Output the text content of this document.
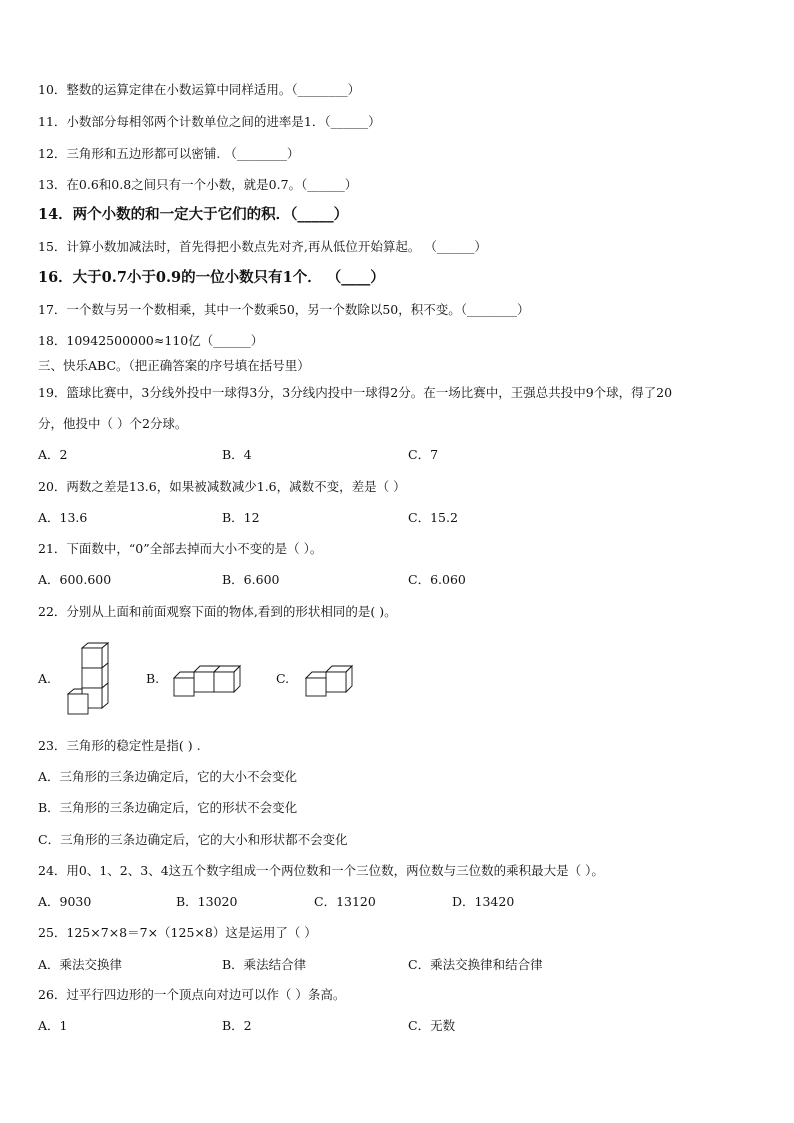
10．整数的运算定律在小数运算中同样适用。（________）
11．小数部分每相邻两个计数单位之间的进率是1．（______）
12．三角形和五边形都可以密铺. （________）
13．在0.6和0.8之间只有一个小数，就是0.7。（______）
14．两个小数的和一定大于它们的积．（_____）
15．计算小数加减法时，首先得把小数点先对齐,再从低位开始算起。 （______）
16．大于0.7小于0.9的一位小数只有1个． （____）
17．一个数与另一个数相乘，其中一个数乘50，另一个数除以50，积不变。（________）
18．10942500000≈110亿（______）
三、快乐ABC。（把正确答案的序号填在括号里）
19．篮球比赛中，3分线外投中一球得3分，3分线内投中一球得2分。在一场比赛中，王强总共投中9个球，得了20
分，他投中（ ）个2分球。
A．2	B．4	C．7
20．两数之差是13.6，如果被减数减少1.6，减数不变，差是（ ）
A．13.6	B．12	C．15.2
21．下面数中，“0”全部去掉而大小不变的是（ ）。
A．600.600	B．6.600	C．6.060
22．分别从上面和前面观察下面的物体,看到的形状相同的是( )。
A.	B.	C.
23．三角形的稳定性是指( ) .
A．三角形的三条边确定后，它的大小不会变化
B．三角形的三条边确定后，它的形状不会变化
C．三角形的三条边确定后，它的大小和形状都不会变化
24．用0、1、2、3、4这五个数字组成一个两位数和一个三位数，两位数与三位数的乘积最大是（ ）。
A．9030	B．13020	C．13120	D．13420
25．125×7×8＝7×（125×8）这是运用了（ ）
A．乘法交换律	B．乘法结合律	C．乘法交换律和结合律
26．过平行四边形的一个顶点向对边可以作（ ）条高。
A．1	B．2	C．无数
